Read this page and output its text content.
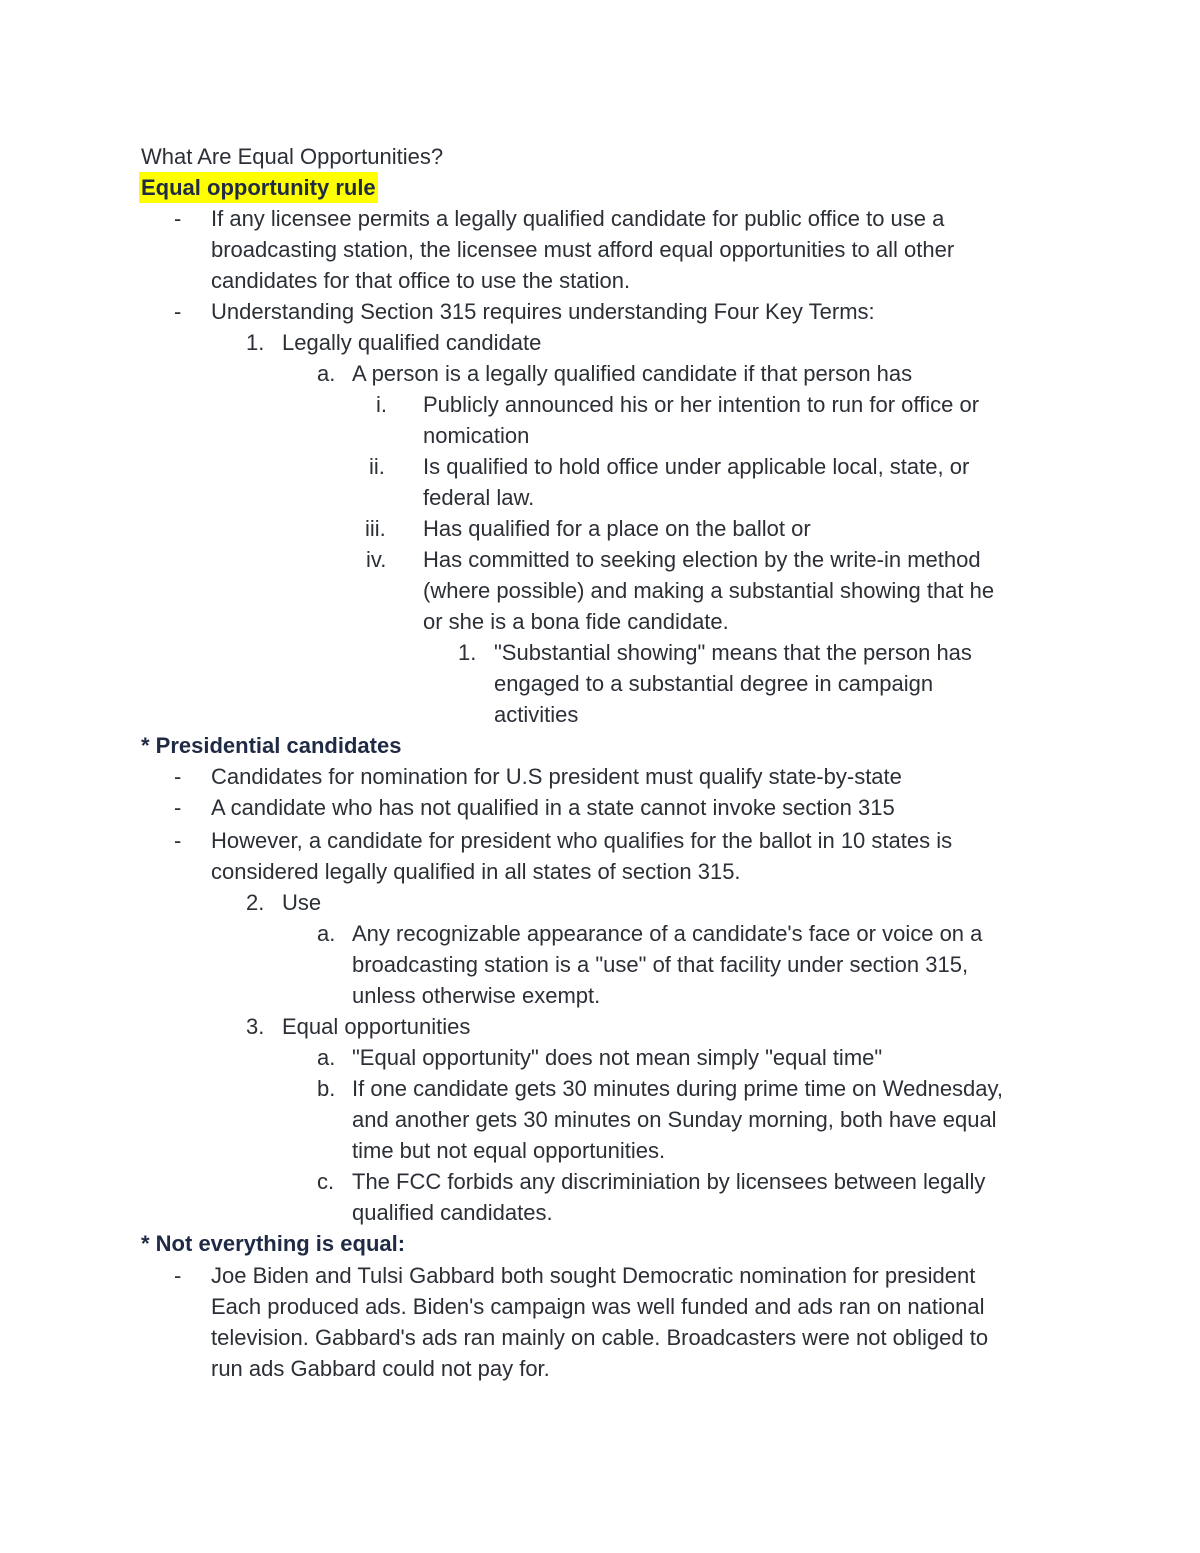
What Are Equal Opportunities?
Equal opportunity rule
- If any licensee permits a legally qualified candidate for public office to use a
broadcasting station, the licensee must afford equal opportunities to all other
candidates for that office to use the station.
- Understanding Section 315 requires understanding Four Key Terms:
1. Legally qualified candidate
a. A person is a legally qualified candidate if that person has
i. Publicly announced his or her intention to run for office or
nomication
ii. Is qualified to hold office under applicable local, state, or
federal law.
iii. Has qualified for a place on the ballot or
iv. Has committed to seeking election by the write-in method
(where possible) and making a substantial showing that he
or she is a bona fide candidate.
1. "Substantial showing" means that the person has
engaged to a substantial degree in campaign
activities
* Presidential candidates
- Candidates for nomination for U.S president must qualify state-by-state
- A candidate who has not qualified in a state cannot invoke section 315
- However, a candidate for president who qualifies for the ballot in 10 states is
considered legally qualified in all states of section 315.
2. Use
a. Any recognizable appearance of a candidate's face or voice on a
broadcasting station is a "use" of that facility under section 315,
unless otherwise exempt.
3. Equal opportunities
a. "Equal opportunity" does not mean simply "equal time"
b. If one candidate gets 30 minutes during prime time on Wednesday,
and another gets 30 minutes on Sunday morning, both have equal
time but not equal opportunities.
c. The FCC forbids any discriminiation by licensees between legally
qualified candidates.
* Not everything is equal:
- Joe Biden and Tulsi Gabbard both sought Democratic nomination for president
Each produced ads. Biden's campaign was well funded and ads ran on national
television. Gabbard's ads ran mainly on cable. Broadcasters were not obliged to
run ads Gabbard could not pay for.
